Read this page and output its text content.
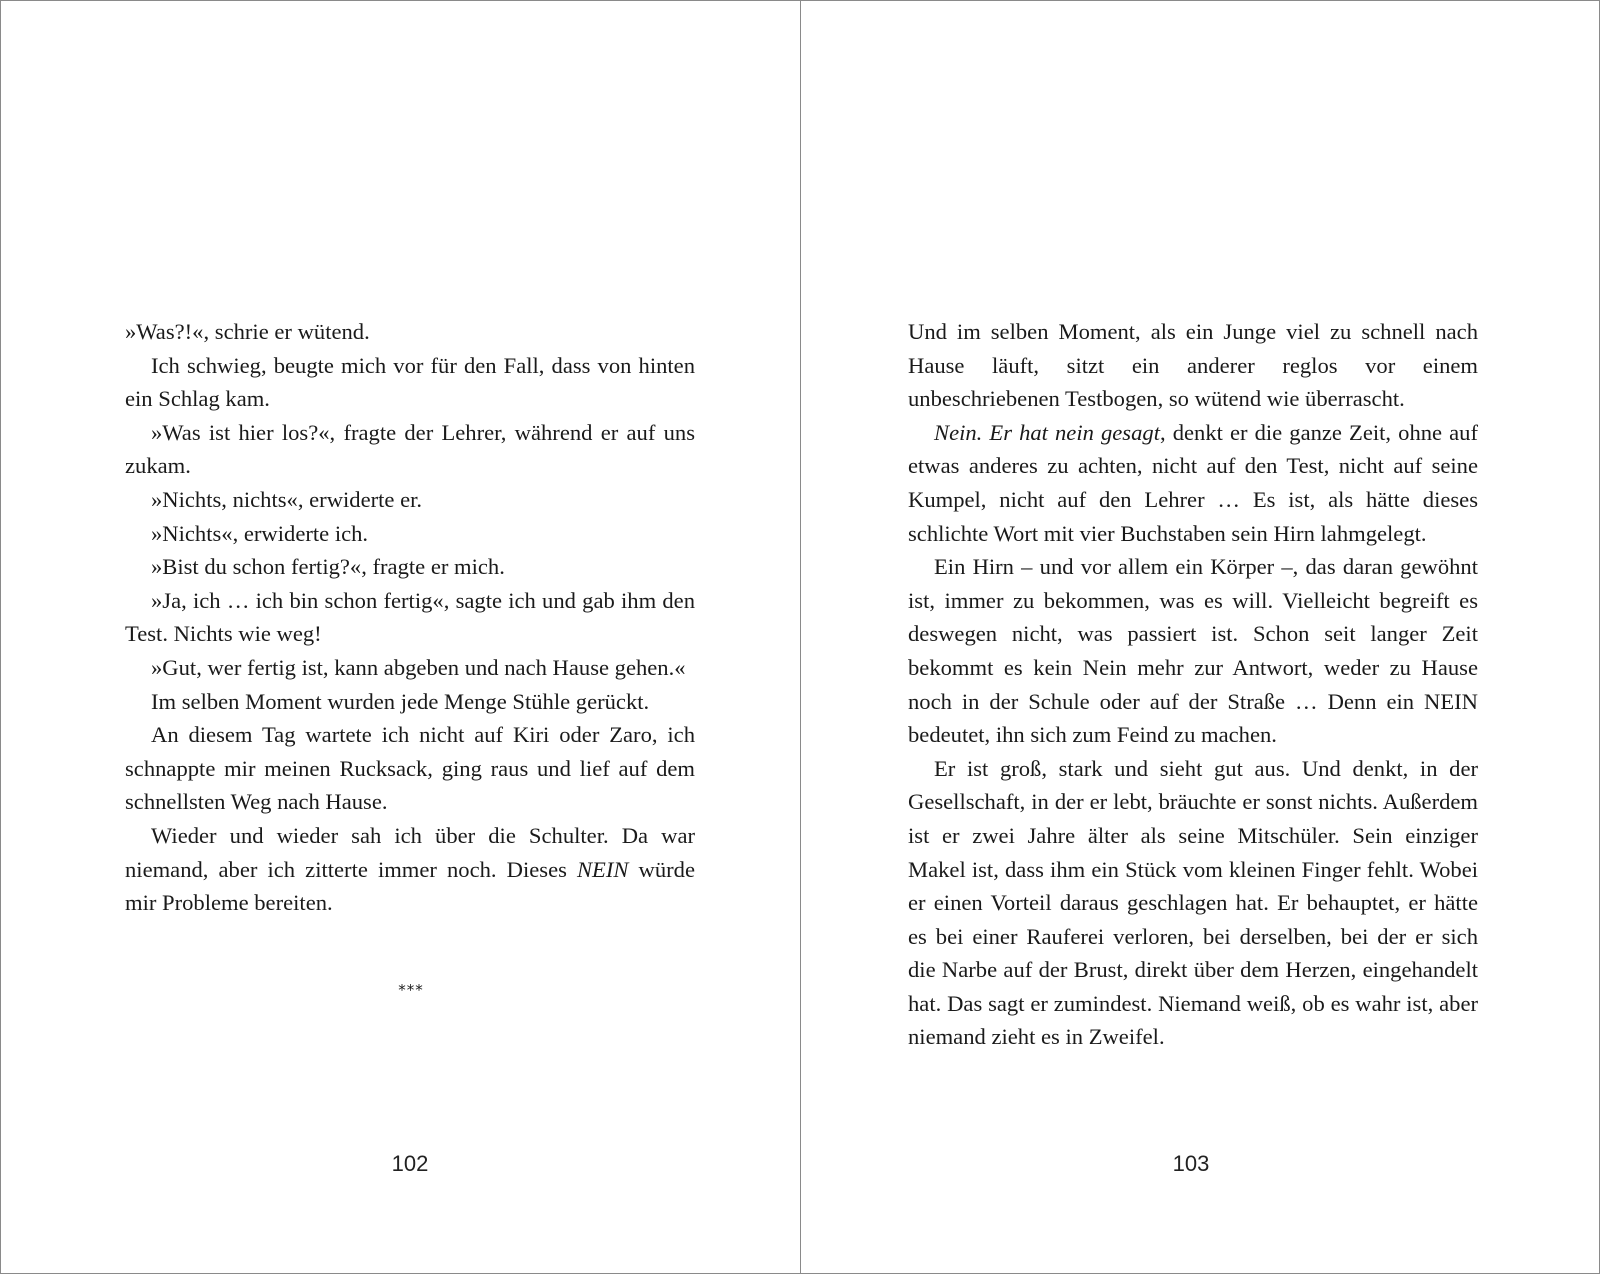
»Was?!«, schrie er wütend.

Ich schwieg, beugte mich vor für den Fall, dass von hinten ein Schlag kam.

»Was ist hier los?«, fragte der Lehrer, während er auf uns zukam.

»Nichts, nichts«, erwiderte er.

»Nichts«, erwiderte ich.

»Bist du schon fertig?«, fragte er mich.

»Ja, ich … ich bin schon fertig«, sagte ich und gab ihm den Test. Nichts wie weg!

»Gut, wer fertig ist, kann abgeben und nach Hause gehen.«

Im selben Moment wurden jede Menge Stühle gerückt.

An diesem Tag wartete ich nicht auf Kiri oder Zaro, ich schnappte mir meinen Rucksack, ging raus und lief auf dem schnellsten Weg nach Hause.

Wieder und wieder sah ich über die Schulter. Da war niemand, aber ich zitterte immer noch. Dieses NEIN würde mir Probleme bereiten.

***
102

Und im selben Moment, als ein Junge viel zu schnell nach Hause läuft, sitzt ein anderer reglos vor einem unbeschriebenen Testbogen, so wütend wie überrascht.

Nein. Er hat nein gesagt, denkt er die ganze Zeit, ohne auf etwas anderes zu achten, nicht auf den Test, nicht auf seine Kumpel, nicht auf den Lehrer … Es ist, als hätte dieses schlichte Wort mit vier Buchstaben sein Hirn lahmgelegt.

Ein Hirn – und vor allem ein Körper –, das daran gewöhnt ist, immer zu bekommen, was es will. Vielleicht begreift es deswegen nicht, was passiert ist. Schon seit langer Zeit bekommt es kein Nein mehr zur Antwort, weder zu Hause noch in der Schule oder auf der Straße … Denn ein NEIN bedeutet, ihn sich zum Feind zu machen.

Er ist groß, stark und sieht gut aus. Und denkt, in der Gesellschaft, in der er lebt, bräuchte er sonst nichts. Außerdem ist er zwei Jahre älter als seine Mitschüler. Sein einziger Makel ist, dass ihm ein Stück vom kleinen Finger fehlt. Wobei er einen Vorteil daraus geschlagen hat. Er behauptet, er hätte es bei einer Rauferei verloren, bei derselben, bei der er sich die Narbe auf der Brust, direkt über dem Herzen, eingehandelt hat. Das sagt er zumindest. Niemand weiß, ob es wahr ist, aber niemand zieht es in Zweifel.

103
